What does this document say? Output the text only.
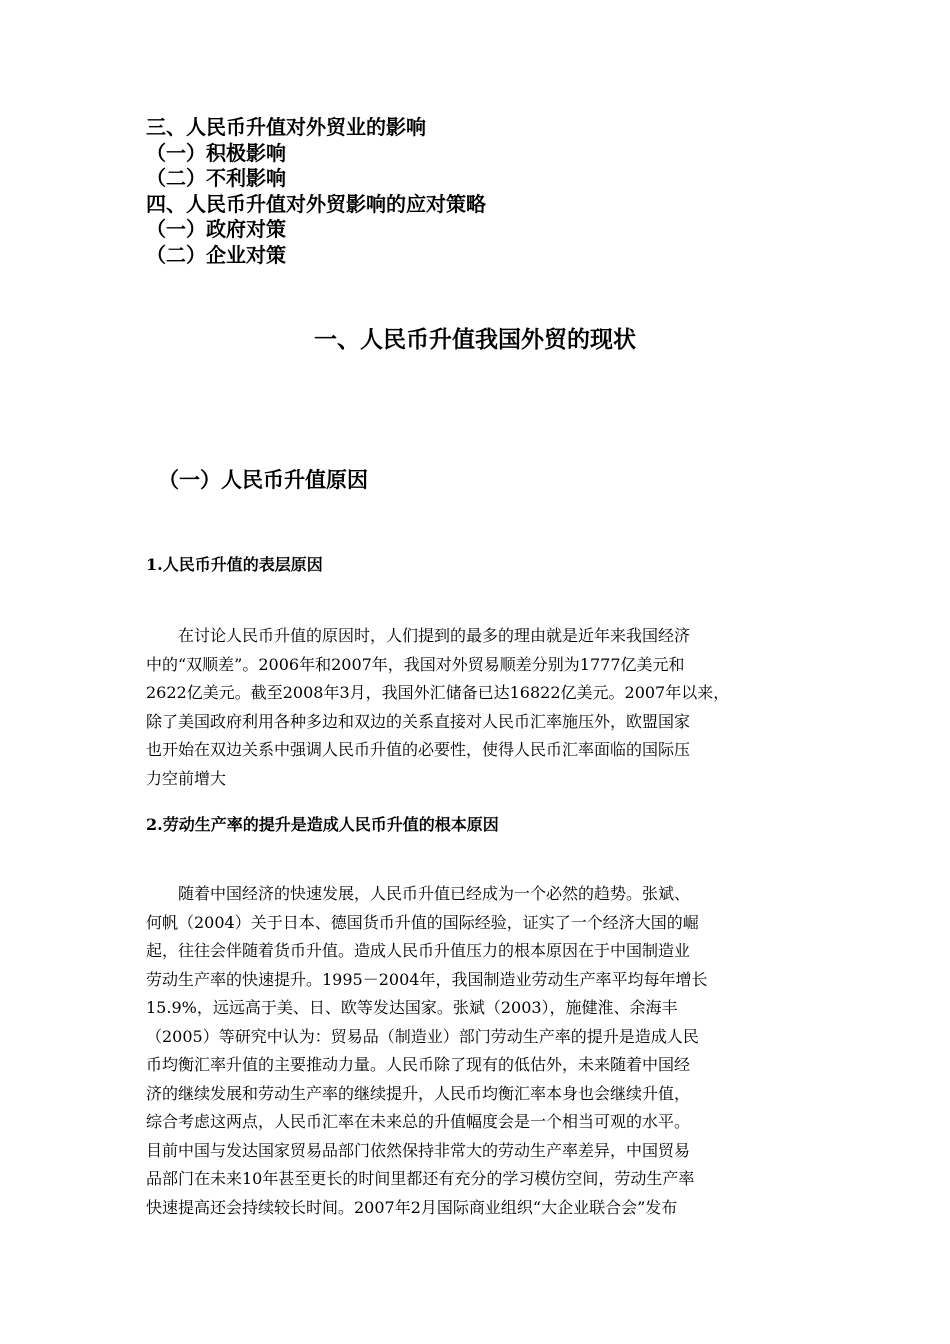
三、人民币升值对外贸业的影响
（一）积极影响
（二）不利影响
四、人民币升值对外贸影响的应对策略
（一）政府对策
（二）企业对策
一、人民币升值我国外贸的现状
（一）人民币升值原因
1.人民币升值的表层原因
　　在讨论人民币升值的原因时，人们提到的最多的理由就是近年来我国经济
中的“双顺差”。2006年和2007年，我国对外贸易顺差分别为1777亿美元和
2622亿美元。截至2008年3月，我国外汇储备已达16822亿美元。2007年以来，
除了美国政府利用各种多边和双边的关系直接对人民币汇率施压外，欧盟国家
也开始在双边关系中强调人民币升值的必要性，使得人民币汇率面临的国际压
力空前增大
2.劳动生产率的提升是造成人民币升值的根本原因
　　随着中国经济的快速发展，人民币升值已经成为一个必然的趋势。张斌、
何帆（2004）关于日本、德国货币升值的国际经验，证实了一个经济大国的崛
起，往往会伴随着货币升值。造成人民币升值压力的根本原因在于中国制造业
劳动生产率的快速提升。1995－2004年，我国制造业劳动生产率平均每年增长
15.9%，远远高于美、日、欧等发达国家。张斌（2003），施健淮、余海丰
（2005）等研究中认为：贸易品（制造业）部门劳动生产率的提升是造成人民
币均衡汇率升值的主要推动力量。人民币除了现有的低估外，未来随着中国经
济的继续发展和劳动生产率的继续提升，人民币均衡汇率本身也会继续升值，
综合考虑这两点，人民币汇率在未来总的升值幅度会是一个相当可观的水平。
目前中国与发达国家贸易品部门依然保持非常大的劳动生产率差异，中国贸易
品部门在未来10年甚至更长的时间里都还有充分的学习模仿空间，劳动生产率
快速提高还会持续较长时间。2007年2月国际商业组织“大企业联合会”发布
